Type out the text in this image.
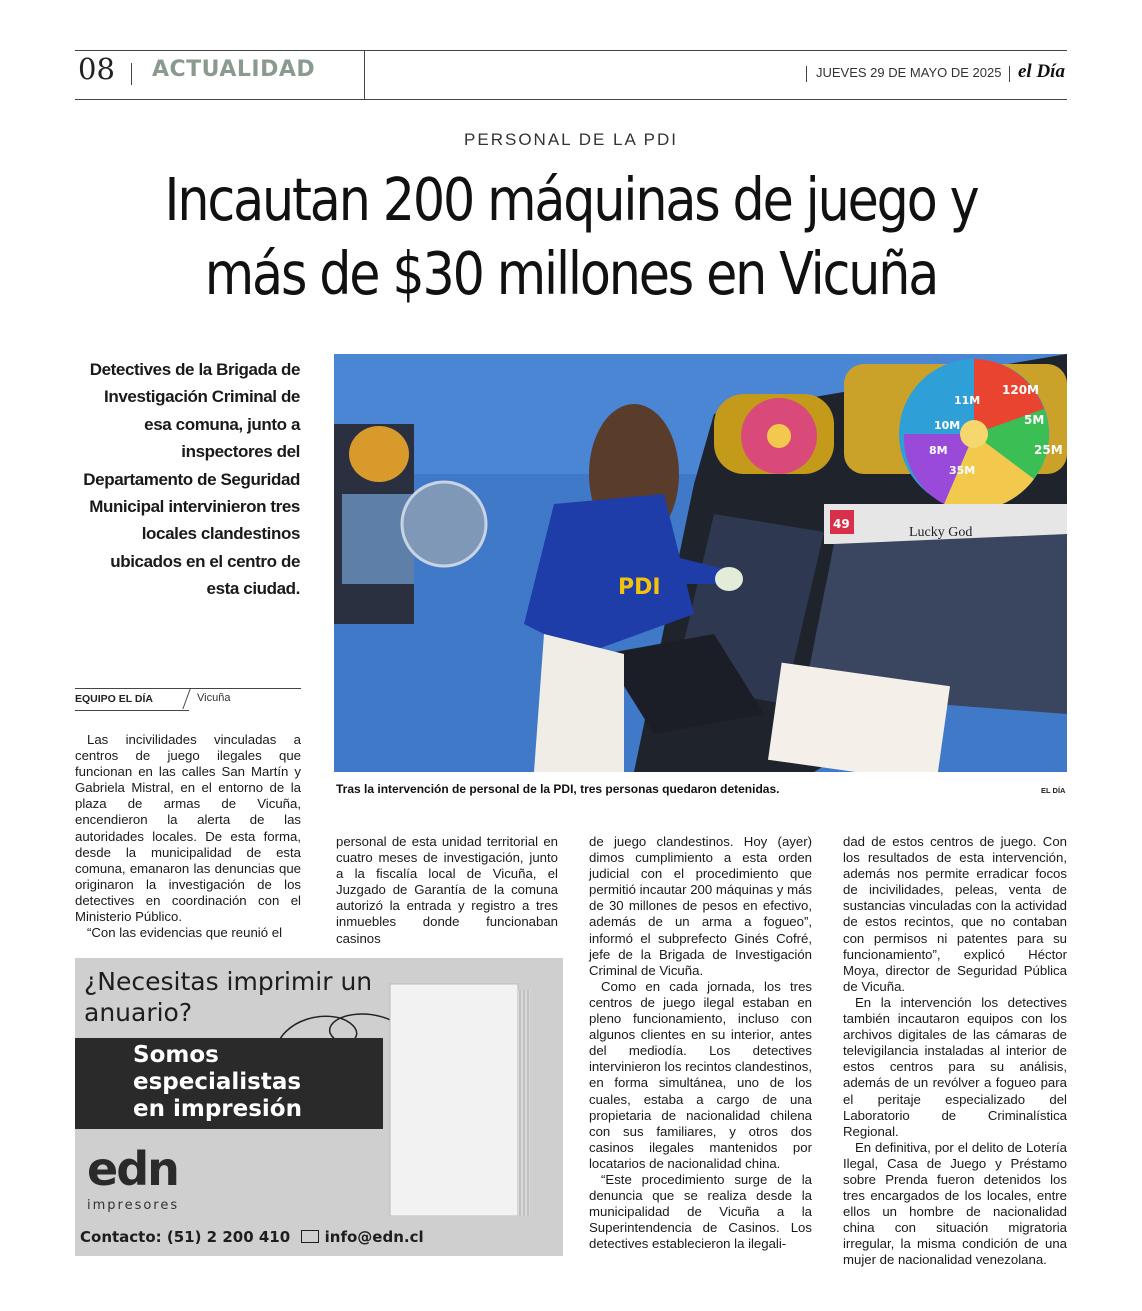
08 ACTUALIDAD	JUEVES 29 DE MAYO DE 2025 el Día
PERSONAL DE LA PDI
Incautan 200 máquinas de juego y
más de $30 millones en Vicuña
Detectives de la Brigada de Investigación Criminal de esa comuna, junto a inspectores del Departamento de Seguridad Municipal intervinieron tres locales clandestinos ubicados en el centro de esta ciudad.
EQUIPO EL DÍA	Vicuña
120M
5M
25M
11M
10M
8M
35M
Lucky God
49
PDI
Tras la intervención de personal de la PDI, tres personas quedaron detenidas.	EL DÍA

Las incivilidades vinculadas a centros de juego ilegales que funcionan en las calles San Martín y Gabriela Mistral, en el entorno de la plaza de armas de Vicuña, encendieron la alerta de las autoridades locales. De esta forma, desde la municipalidad de esta comuna, emanaron las denuncias que originaron la investigación de los detectives en coordinación con el Ministerio Público.

“Con las evidencias que reunió el

personal de esta unidad territorial en cuatro meses de investigación, junto a la fiscalía local de Vicuña, el Juzgado de Garantía de la comuna autorizó la entrada y registro a tres inmuebles donde funcionaban casinos

de juego clandestinos. Hoy (ayer) dimos cumplimiento a esta orden judicial con el procedimiento que permitió incautar 200 máquinas y más de 30 millones de pesos en efectivo, además de un arma a fogueo”, informó el subprefecto Ginés Cofré, jefe de la Brigada de Investigación Criminal de Vicuña.

Como en cada jornada, los tres centros de juego ilegal estaban en pleno funcionamiento, incluso con algunos clientes en su interior, antes del mediodía. Los detectives intervinieron los recintos clandestinos, en forma simultánea, uno de los cuales, estaba a cargo de una propietaria de nacionalidad chilena con sus familiares, y otros dos casinos ilegales mantenidos por locatarios de nacionalidad china.

“Este procedimiento surge de la denuncia que se realiza desde la municipalidad de Vicuña a la Superintendencia de Casinos. Los detectives establecieron la ilegali-

dad de estos centros de juego. Con los resultados de esta intervención, además nos permite erradicar focos de incivilidades, peleas, venta de sustancias vinculadas con la actividad de estos recintos, que no contaban con permisos ni patentes para su funcionamiento”, explicó Héctor Moya, director de Seguridad Pública de Vicuña.

En la intervención los detectives también incautaron equipos con los archivos digitales de las cámaras de televigilancia instaladas al interior de estos centros para su análisis, además de un revólver a fogueo para el peritaje especializado del Laboratorio de Criminalística Regional.

En definitiva, por el delito de Lotería Ilegal, Casa de Juego y Préstamo sobre Prenda fueron detenidos los tres encargados de los locales, entre ellos un hombre de nacionalidad china con situación migratoria irregular, la misma condición de una mujer de nacionalidad venezolana.

¿Necesitas imprimir un anuario?
Somos
especialistas
en impresión
edn
impresores
Contacto: (51) 2 200 410 info@edn.cl
